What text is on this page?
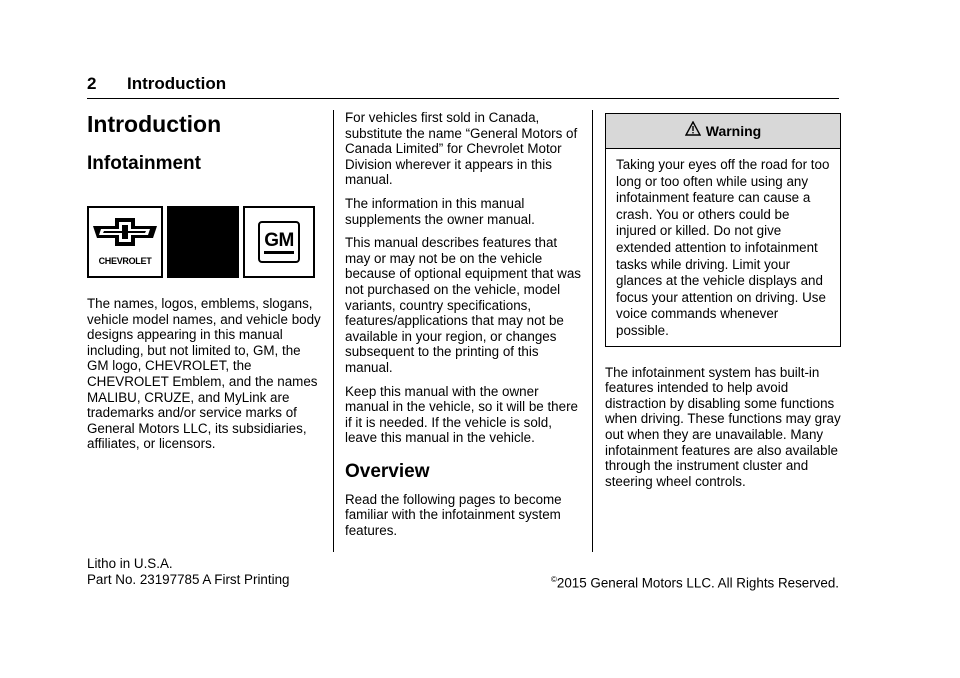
2 Introduction
Introduction
Infotainment
CHEVROLET
GM

The names, logos, emblems, slogans, vehicle model names, and vehicle body designs appearing in this manual including, but not limited to, GM, the GM logo, CHEVROLET, the CHEVROLET Emblem, and the names MALIBU, CRUZE, and MyLink are trademarks and/or service marks of General Motors LLC, its subsidiaries, affiliates, or licensors.

For vehicles first sold in Canada, substitute the name “General Motors of Canada Limited” for Chevrolet Motor Division wherever it appears in this manual.

The information in this manual supplements the owner manual.

This manual describes features that may or may not be on the vehicle because of optional equipment that was not purchased on the vehicle, model variants, country specifications, features/applications that may not be available in your region, or changes subsequent to the printing of this manual.

Keep this manual with the owner manual in the vehicle, so it will be there if it is needed. If the vehicle is sold, leave this manual in the vehicle.

Overview

Read the following pages to become familiar with the infotainment system features.

Warning

Taking your eyes off the road for too long or too often while using any infotainment feature can cause a crash. You or others could be injured or killed. Do not give extended attention to infotainment tasks while driving. Limit your glances at the vehicle displays and focus your attention on driving. Use voice commands whenever possible.

The infotainment system has built-in features intended to help avoid distraction by disabling some functions when driving. These functions may gray out when they are unavailable. Many infotainment features are also available through the instrument cluster and steering wheel controls.

Litho in U.S.A.
Part No. 23197785 A First Printing	©2015 General Motors LLC. All Rights Reserved.
